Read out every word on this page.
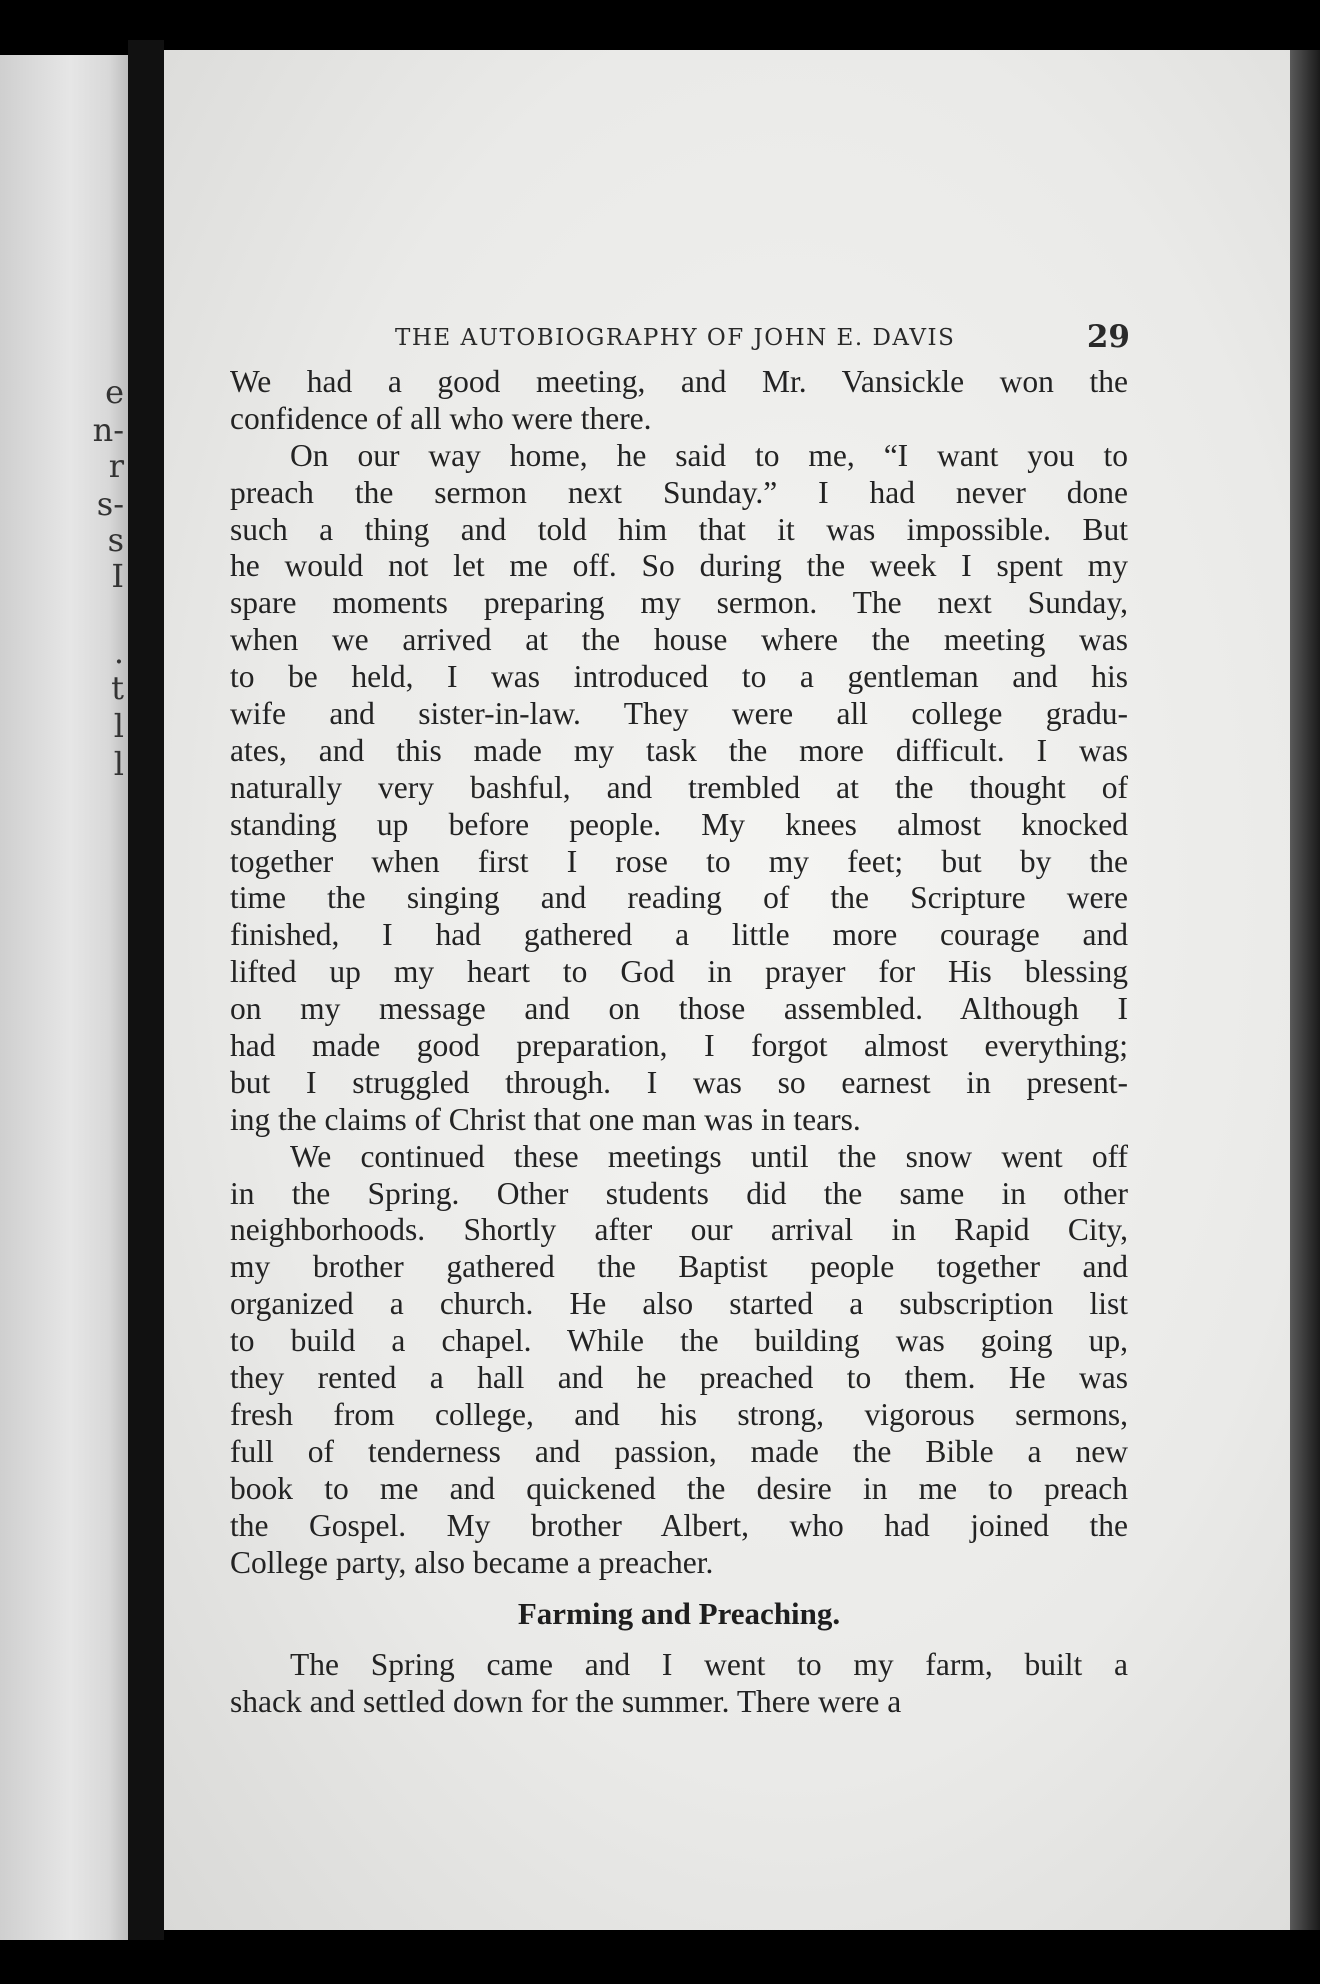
e
n-
r
s-
s
I
.
t
l
l
THE AUTOBIOGRAPHY OF JOHN E. DAVIS	29
We had a good meeting, and Mr. Vansickle won the
confidence of all who were there.
On our way home, he said to me, “I want you to
preach the sermon next Sunday.” I had never done
such a thing and told him that it was impossible. But
he would not let me off. So during the week I spent my
spare moments preparing my sermon. The next Sunday,
when we arrived at the house where the meeting was
to be held, I was introduced to a gentleman and his
wife and sister-in-law. They were all college gradu-
ates, and this made my task the more difficult. I was
naturally very bashful, and trembled at the thought of
standing up before people. My knees almost knocked
together when first I rose to my feet; but by the
time the singing and reading of the Scripture were
finished, I had gathered a little more courage and
lifted up my heart to God in prayer for His blessing
on my message and on those assembled. Although I
had made good preparation, I forgot almost everything;
but I struggled through. I was so earnest in present-
ing the claims of Christ that one man was in tears.
We continued these meetings until the snow went off
in the Spring. Other students did the same in other
neighborhoods. Shortly after our arrival in Rapid City,
my brother gathered the Baptist people together and
organized a church. He also started a subscription list
to build a chapel. While the building was going up,
they rented a hall and he preached to them. He was
fresh from college, and his strong, vigorous sermons,
full of tenderness and passion, made the Bible a new
book to me and quickened the desire in me to preach
the Gospel. My brother Albert, who had joined the
College party, also became a preacher.
Farming and Preaching.
The Spring came and I went to my farm, built a
shack and settled down for the summer. There were a
